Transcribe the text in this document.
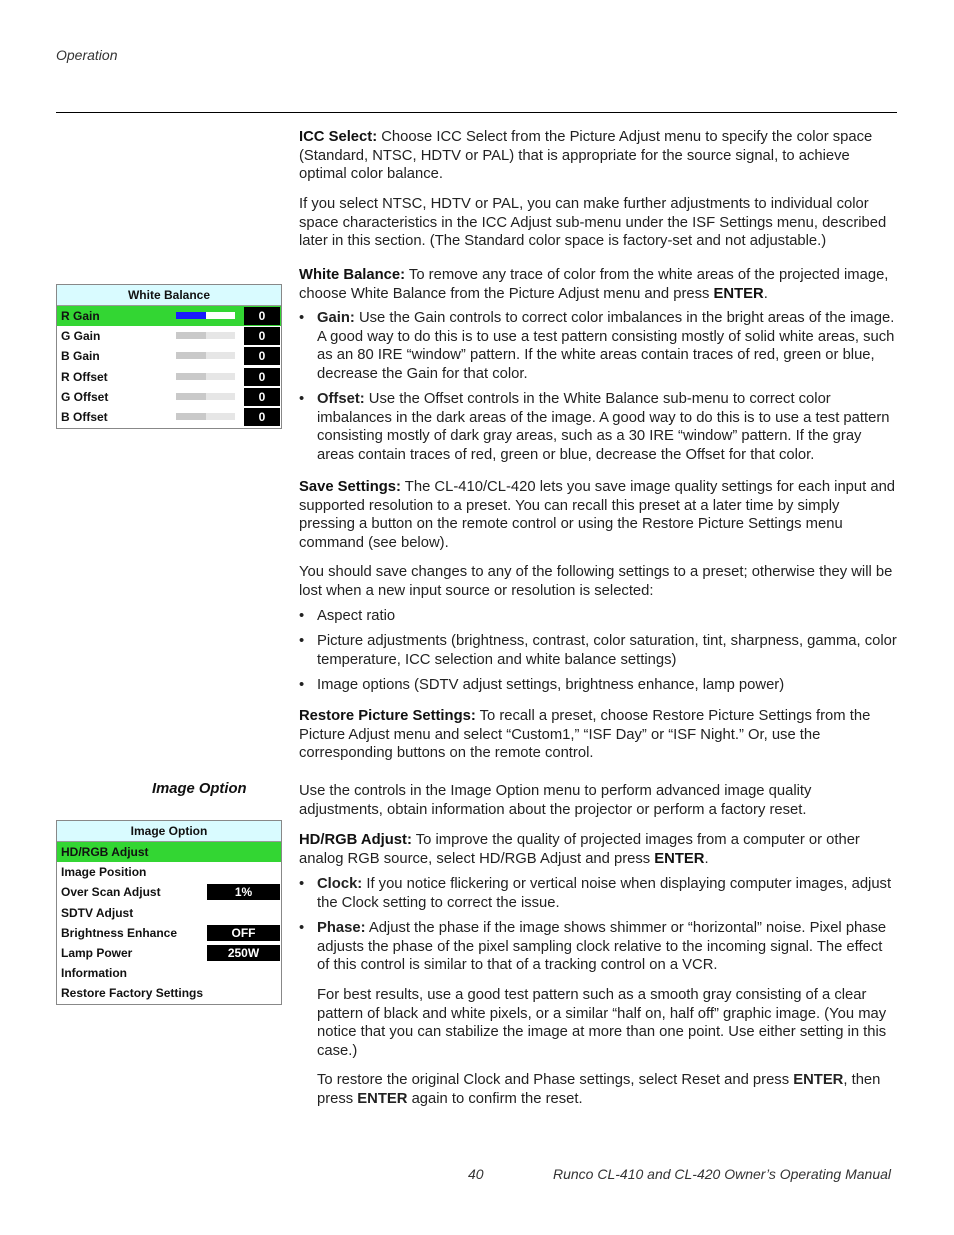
Operation

ICC Select: Choose ICC Select from the Picture Adjust menu to specify the color space (Standard, NTSC, HDTV or PAL) that is appropriate for the source signal, to achieve optimal color balance.

If you select NTSC, HDTV or PAL, you can make further adjustments to individual color space characteristics in the ICC Adjust sub-menu under the ISF Settings menu, described later in this section. (The Standard color space is factory-set and not adjustable.)

White Balance: To remove any trace of color from the white areas of the projected image, choose White Balance from the Picture Adjust menu and press ENTER.

• Gain: Use the Gain controls to correct color imbalances in the bright areas of the image. A good way to do this is to use a test pattern consisting mostly of solid white areas, such as an 80 IRE “window” pattern. If the white areas contain traces of red, green or blue, decrease the Gain for that color.
• Offset: Use the Offset controls in the White Balance sub-menu to correct color imbalances in the dark areas of the image. A good way to do this is to use a test pattern consisting mostly of dark gray areas, such as a 30 IRE “window” pattern. If the gray areas contain traces of red, green or blue, decrease the Offset for that color.

Save Settings: The CL-410/CL-420 lets you save image quality settings for each input and supported resolution to a preset. You can recall this preset at a later time by simply pressing a button on the remote control or using the Restore Picture Settings menu command (see below).

You should save changes to any of the following settings to a preset; otherwise they will be lost when a new input source or resolution is selected:

• Aspect ratio
• Picture adjustments (brightness, contrast, color saturation, tint, sharpness, gamma, color temperature, ICC selection and white balance settings)
• Image options (SDTV adjust settings, brightness enhance, lamp power)

Restore Picture Settings: To recall a preset, choose Restore Picture Settings from the Picture Adjust menu and select “Custom1,” “ISF Day” or “ISF Night.” Or, use the corresponding buttons on the remote control.

Image Option	Use the controls in the Image Option menu to perform advanced image quality adjustments, obtain information about the projector or perform a factory reset.

HD/RGB Adjust: To improve the quality of projected images from a computer or other analog RGB source, select HD/RGB Adjust and press ENTER.

• Clock: If you notice flickering or vertical noise when displaying computer images, adjust the Clock setting to correct the issue.
• Phase: Adjust the phase if the image shows shimmer or “horizontal” noise. Pixel phase adjusts the phase of the pixel sampling clock relative to the incoming signal. The effect of this control is similar to that of a tracking control on a VCR.

For best results, use a good test pattern such as a smooth gray consisting of a clear pattern of black and white pixels, or a similar “half on, half off” graphic image. (You may notice that you can stabilize the image at more than one point. Use either setting in this case.)

To restore the original Clock and Phase settings, select Reset and press ENTER, then press ENTER again to confirm the reset.

White Balance
R Gain	0
G Gain	0
B Gain	0
R Offset	0
G Offset	0
B Offset	0
Image Option
HD/RGB Adjust
Image Position
Over Scan Adjust	1%
SDTV Adjust
Brightness Enhance	OFF
Lamp Power	250W
Information
Restore Factory Settings
40	Runco CL-410 and CL-420 Owner’s Operating Manual
